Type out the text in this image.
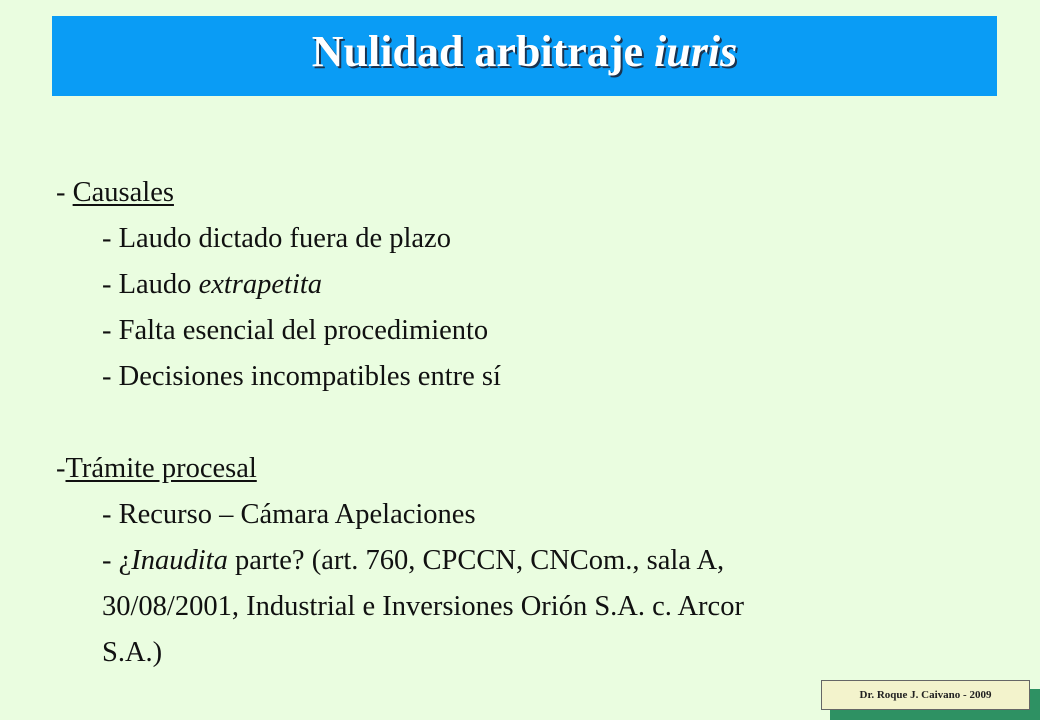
Nulidad arbitraje iuris
- Causales
- Laudo dictado fuera de plazo
- Laudo extrapetita
- Falta esencial del procedimiento
- Decisiones incompatibles entre sí
-Trámite procesal
- Recurso – Cámara Apelaciones
- ¿Inaudita parte? (art. 760, CPCCN, CNCom., sala A,
30/08/2001, Industrial e Inversiones Orión S.A. c. Arcor
S.A.)
Dr. Roque J. Caivano - 2009
